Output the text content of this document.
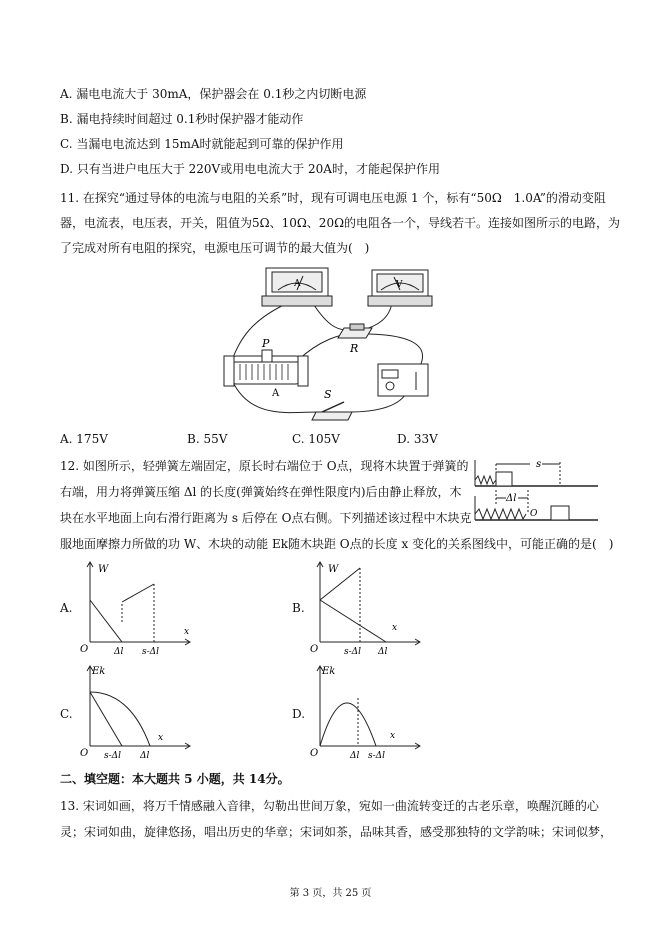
A. 漏电电流大于 30mA，保护器会在 0.1秒之内切断电源
B. 漏电持续时间超过 0.1秒时保护器才能动作
C. 当漏电电流达到 15mA时就能起到可靠的保护作用
D. 只有当进户电压大于 220V或用电电流大于 20A时，才能起保护作用
11. 在探究“通过导体的电流与电阻的关系”时，现有可调电压电源 1 个，标有“50Ω　1.0A”的滑动变阻
器，电流表，电压表，开关，阻值为5Ω、10Ω、20Ω的电阻各一个，导线若干。连接如图所示的电路，为
了完成对所有电阻的探究，电源电压可调节的最大值为(　)
A	V
R
P
A	S
A. 175V	B. 55V	C. 105V	D. 33V
12. 如图所示，轻弹簧左端固定，原长时右端位于 O点，现将木块置于弹簧的
右端，用力将弹簧压缩 Δl 的长度(弹簧始终在弹性限度内)后由静止释放，木
块在水平地面上向右滑行距离为 s 后停在 O点右侧。下列描述该过程中木块克
服地面摩擦力所做的功 W、木块的动能 Ek随木块距 O点的长度 x 变化的关系图线中，可能正确的是(　)
s
Δl
O
A.	B.
C.	D.
W
O
x
Δl s-Δl
W
O
x
s-Δl Δl
Ek
O
x
s-Δl Δl
Ek
O
x
Δl s-Δl
二、填空题：本大题共 5 小题，共 14分。
13. 宋词如画，将万千情感融入音律，勾勒出世间万象，宛如一曲流转变迁的古老乐章，唤醒沉睡的心
灵；宋词如曲，旋律悠扬，唱出历史的华章；宋词如茶，品味其香，感受那独特的文学韵味；宋词似梦，
第 3 页，共 25 页
